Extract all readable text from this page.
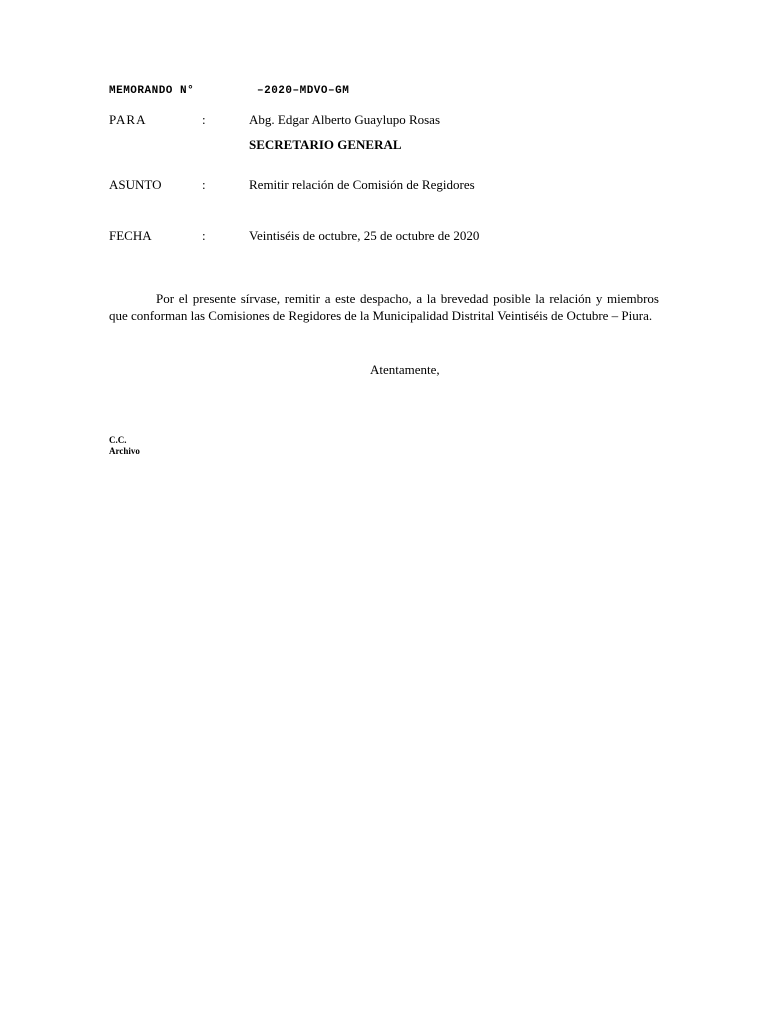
MEMORANDO N°	–2020–MDVO–GM
PARA	:	Abg. Edgar Alberto Guaylupo Rosas
SECRETARIO GENERAL
ASUNTO	:	Remitir relación de Comisión de Regidores
FECHA	:	Veintiséis de octubre, 25 de octubre de 2020

Por el presente sírvase, remitir a este despacho, a la brevedad posible la relación y miembros que conforman las Comisiones de Regidores de la Municipalidad Distrital Veintiséis de Octubre – Piura.

Atentamente,
C.C.
Archivo
